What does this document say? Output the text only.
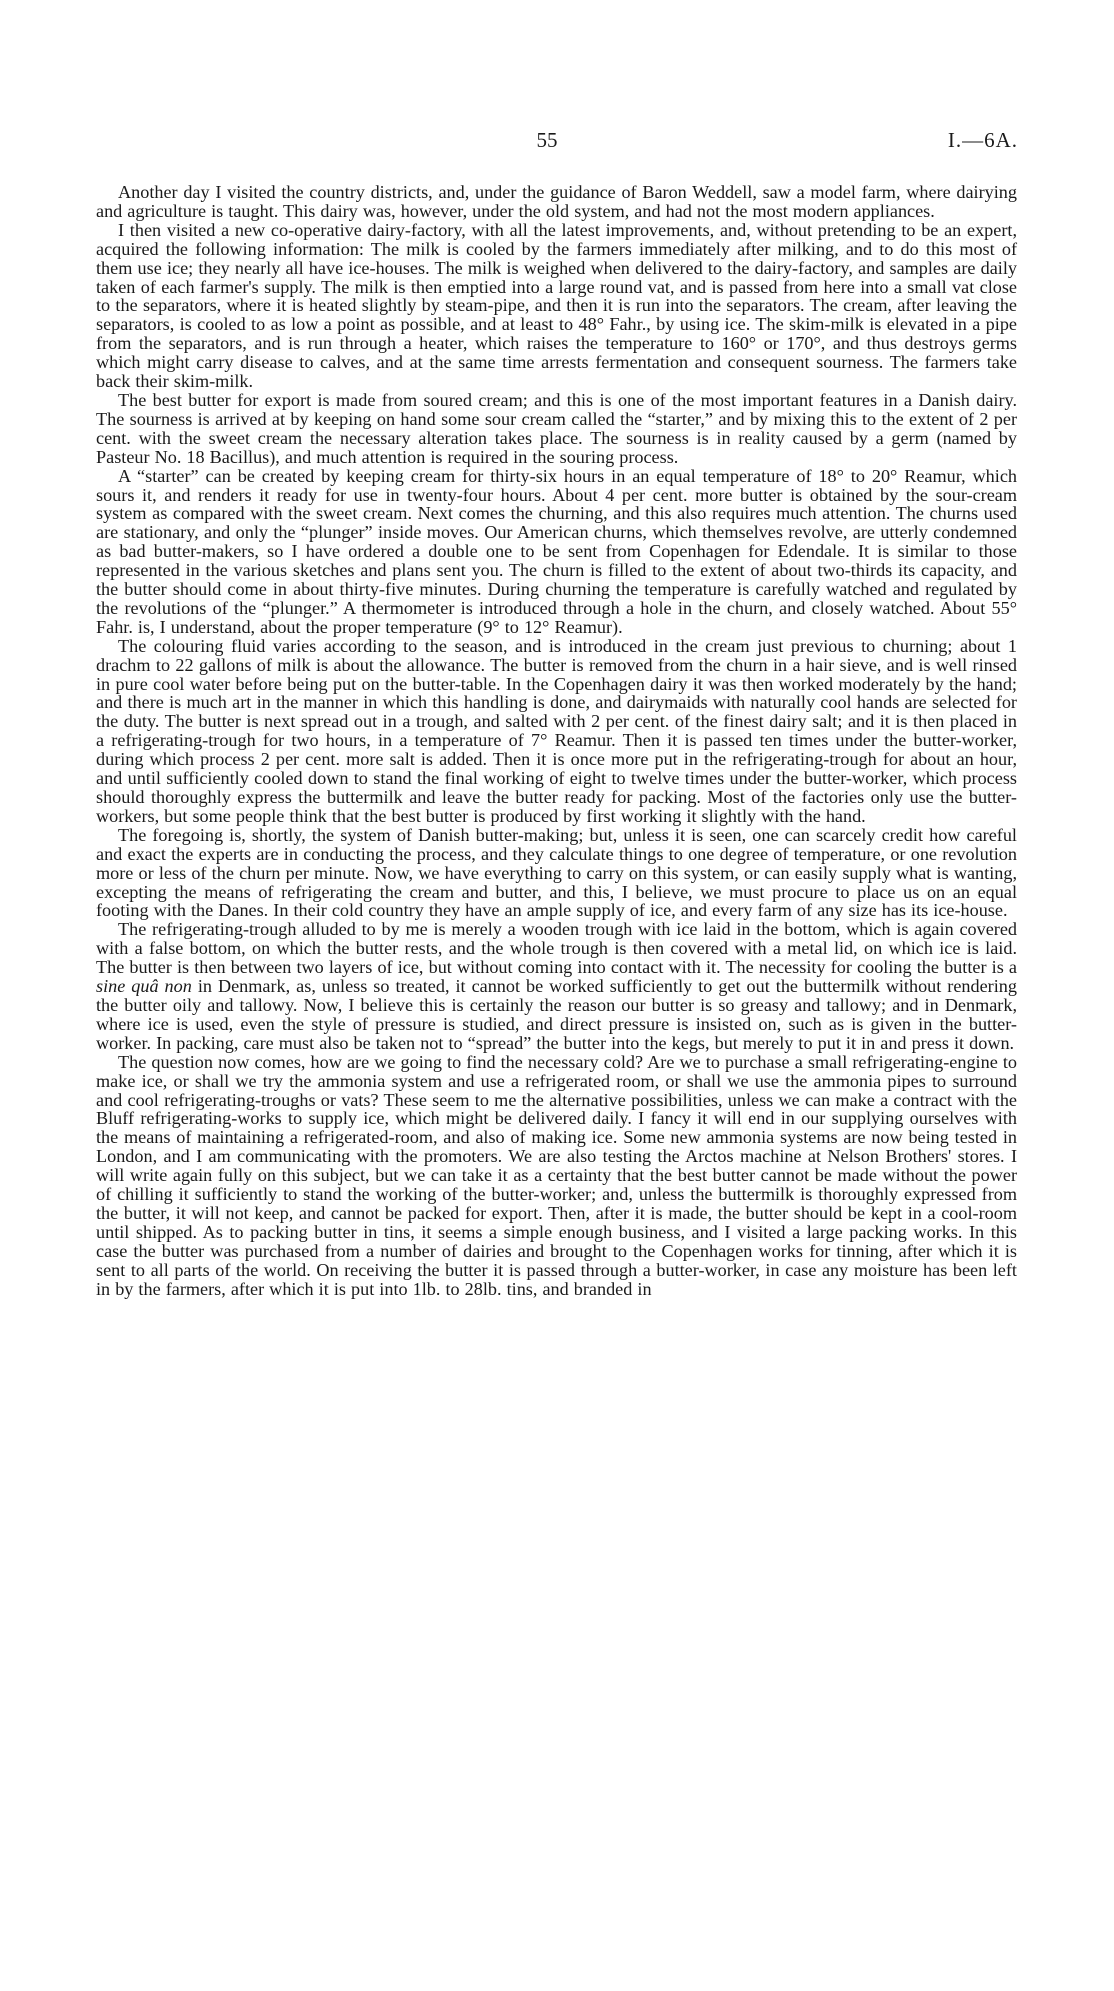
55	I.—6A.

Another day I visited the country districts, and, under the guidance of Baron Weddell, saw a model farm, where dairying and agriculture is taught. This dairy was, however, under the old system, and had not the most modern appliances.

I then visited a new co-operative dairy-factory, with all the latest improvements, and, without pretending to be an expert, acquired the following information: The milk is cooled by the farmers immediately after milking, and to do this most of them use ice; they nearly all have ice-houses. The milk is weighed when delivered to the dairy-factory, and samples are daily taken of each farmer's supply. The milk is then emptied into a large round vat, and is passed from here into a small vat close to the separators, where it is heated slightly by steam-pipe, and then it is run into the separators. The cream, after leaving the separators, is cooled to as low a point as possible, and at least to 48° Fahr., by using ice. The skim-milk is elevated in a pipe from the separators, and is run through a heater, which raises the temperature to 160° or 170°, and thus destroys germs which might carry disease to calves, and at the same time arrests fermentation and consequent sourness. The farmers take back their skim-milk.

The best butter for export is made from soured cream; and this is one of the most important features in a Danish dairy. The sourness is arrived at by keeping on hand some sour cream called the “starter,” and by mixing this to the extent of 2 per cent. with the sweet cream the necessary alteration takes place. The sourness is in reality caused by a germ (named by Pasteur No. 18 Bacillus), and much attention is required in the souring process.

A “starter” can be created by keeping cream for thirty-six hours in an equal temperature of 18° to 20° Reamur, which sours it, and renders it ready for use in twenty-four hours. About 4 per cent. more butter is obtained by the sour-cream system as compared with the sweet cream. Next comes the churning, and this also requires much attention. The churns used are stationary, and only the “plunger” inside moves. Our American churns, which themselves revolve, are utterly condemned as bad butter-makers, so I have ordered a double one to be sent from Copenhagen for Edendale. It is similar to those represented in the various sketches and plans sent you. The churn is filled to the extent of about two-thirds its capacity, and the butter should come in about thirty-five minutes. During churning the temperature is carefully watched and regulated by the revolutions of the “plunger.” A thermometer is introduced through a hole in the churn, and closely watched. About 55° Fahr. is, I understand, about the proper temperature (9° to 12° Reamur).

The colouring fluid varies according to the season, and is introduced in the cream just previous to churning; about 1 drachm to 22 gallons of milk is about the allowance. The butter is removed from the churn in a hair sieve, and is well rinsed in pure cool water before being put on the butter-table. In the Copenhagen dairy it was then worked moderately by the hand; and there is much art in the manner in which this handling is done, and dairymaids with naturally cool hands are selected for the duty. The butter is next spread out in a trough, and salted with 2 per cent. of the finest dairy salt; and it is then placed in a refrigerating-trough for two hours, in a temperature of 7° Reamur. Then it is passed ten times under the butter-worker, during which process 2 per cent. more salt is added. Then it is once more put in the refrigerating-trough for about an hour, and until sufficiently cooled down to stand the final working of eight to twelve times under the butter-worker, which process should thoroughly express the buttermilk and leave the butter ready for packing. Most of the factories only use the butter-workers, but some people think that the best butter is produced by first working it slightly with the hand.

The foregoing is, shortly, the system of Danish butter-making; but, unless it is seen, one can scarcely credit how careful and exact the experts are in conducting the process, and they calculate things to one degree of temperature, or one revolution more or less of the churn per minute. Now, we have everything to carry on this system, or can easily supply what is wanting, excepting the means of refrigerating the cream and butter, and this, I believe, we must procure to place us on an equal footing with the Danes. In their cold country they have an ample supply of ice, and every farm of any size has its ice-house.

The refrigerating-trough alluded to by me is merely a wooden trough with ice laid in the bottom, which is again covered with a false bottom, on which the butter rests, and the whole trough is then covered with a metal lid, on which ice is laid. The butter is then between two layers of ice, but without coming into contact with it. The necessity for cooling the butter is a sine quâ non in Denmark, as, unless so treated, it cannot be worked sufficiently to get out the buttermilk without rendering the butter oily and tallowy. Now, I believe this is certainly the reason our butter is so greasy and tallowy; and in Denmark, where ice is used, even the style of pressure is studied, and direct pressure is insisted on, such as is given in the butter-worker. In packing, care must also be taken not to “spread” the butter into the kegs, but merely to put it in and press it down.

The question now comes, how are we going to find the necessary cold? Are we to purchase a small refrigerating-engine to make ice, or shall we try the ammonia system and use a refrigerated room, or shall we use the ammonia pipes to surround and cool refrigerating-troughs or vats? These seem to me the alternative possibilities, unless we can make a contract with the Bluff refrigerating-works to supply ice, which might be delivered daily. I fancy it will end in our supplying ourselves with the means of maintaining a refrigerated-room, and also of making ice. Some new ammonia systems are now being tested in London, and I am communicating with the promoters. We are also testing the Arctos machine at Nelson Brothers' stores. I will write again fully on this subject, but we can take it as a certainty that the best butter cannot be made without the power of chilling it sufficiently to stand the working of the butter-worker; and, unless the buttermilk is thoroughly expressed from the butter, it will not keep, and cannot be packed for export. Then, after it is made, the butter should be kept in a cool-room until shipped. As to packing butter in tins, it seems a simple enough business, and I visited a large packing works. In this case the butter was purchased from a number of dairies and brought to the Copenhagen works for tinning, after which it is sent to all parts of the world. On receiving the butter it is passed through a butter-worker, in case any moisture has been left in by the farmers, after which it is put into 1lb. to 28lb. tins, and branded in
